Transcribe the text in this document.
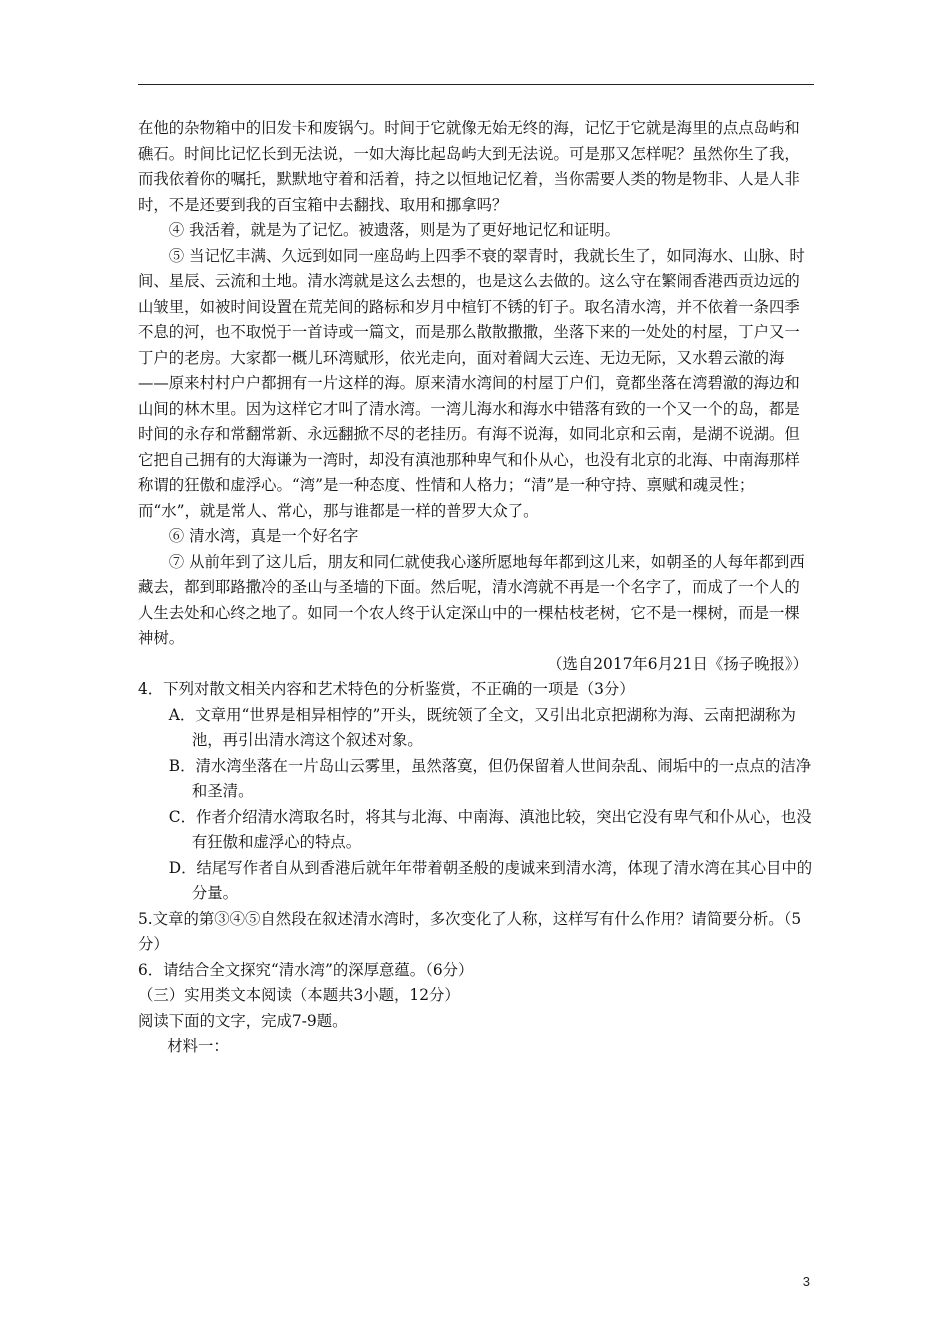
在他的杂物箱中的旧发卡和废锅勺。时间于它就像无始无终的海，记忆于它就是海里的点点岛屿和礁石。时间比记忆长到无法说，一如大海比起岛屿大到无法说。可是那又怎样呢？虽然你生了我，而我依着你的嘱托，默默地守着和活着，持之以恒地记忆着，当你需要人类的物是物非、人是人非时，不是还要到我的百宝箱中去翻找、取用和挪拿吗？

④ 我活着，就是为了记忆。被遗落，则是为了更好地记忆和证明。

⑤ 当记忆丰满、久远到如同一座岛屿上四季不衰的翠青时，我就长生了，如同海水、山脉、时间、星辰、云流和土地。清水湾就是这么去想的，也是这么去做的。这么守在繁闹香港西贡边远的山皱里，如被时间设置在荒芜间的路标和岁月中楦钉不锈的钉子。取名清水湾，并不依着一条四季不息的河，也不取悦于一首诗或一篇文，而是那么散散撒撒，坐落下来的一处处的村屋，丁户又一丁户的老房。大家都一概儿环湾赋形，依光走向，面对着阔大云连、无边无际，又水碧云澈的海——原来村村户户都拥有一片这样的海。原来清水湾间的村屋丁户们，竟都坐落在湾碧澈的海边和山间的林木里。因为这样它才叫了清水湾。一湾儿海水和海水中错落有致的一个又一个的岛，都是时间的永存和常翻常新、永远翻掀不尽的老挂历。有海不说海，如同北京和云南，是湖不说湖。但它把自己拥有的大海谦为一湾时，却没有滇池那种卑气和仆从心，也没有北京的北海、中南海那样称谓的狂傲和虚浮心。“湾”是一种态度、性情和人格力；“清”是一种守持、禀赋和魂灵性；而“水”，就是常人、常心，那与谁都是一样的普罗大众了。

⑥ 清水湾，真是一个好名字

⑦ 从前年到了这儿后，朋友和同仁就使我心遂所愿地每年都到这儿来，如朝圣的人每年都到西藏去，都到耶路撒冷的圣山与圣墙的下面。然后呢，清水湾就不再是一个名字了，而成了一个人的人生去处和心终之地了。如同一个农人终于认定深山中的一棵枯枝老树，它不是一棵树，而是一棵神树。

（选自2017年6月21日《扬子晚报》）

4．下列对散文相关内容和艺术特色的分析鉴赏，不正确的一项是（3分）

A．文章用“世界是相异相悖的”开头，既统领了全文，又引出北京把湖称为海、云南把湖称为池，再引出清水湾这个叙述对象。

B．清水湾坐落在一片岛山云雾里，虽然落寞，但仍保留着人世间杂乱、闹垢中的一点点的洁净和圣清。

C．作者介绍清水湾取名时，将其与北海、中南海、滇池比较，突出它没有卑气和仆从心，也没有狂傲和虚浮心的特点。

D．结尾写作者自从到香港后就年年带着朝圣般的虔诚来到清水湾，体现了清水湾在其心目中的分量。

5.文章的第③④⑤自然段在叙述清水湾时，多次变化了人称，这样写有什么作用？请简要分析。（5分）

6．请结合全文探究“清水湾”的深厚意蕴。（6分）

（三）实用类文本阅读（本题共3小题，12分）

阅读下面的文字，完成7-9题。

材料一：

3
